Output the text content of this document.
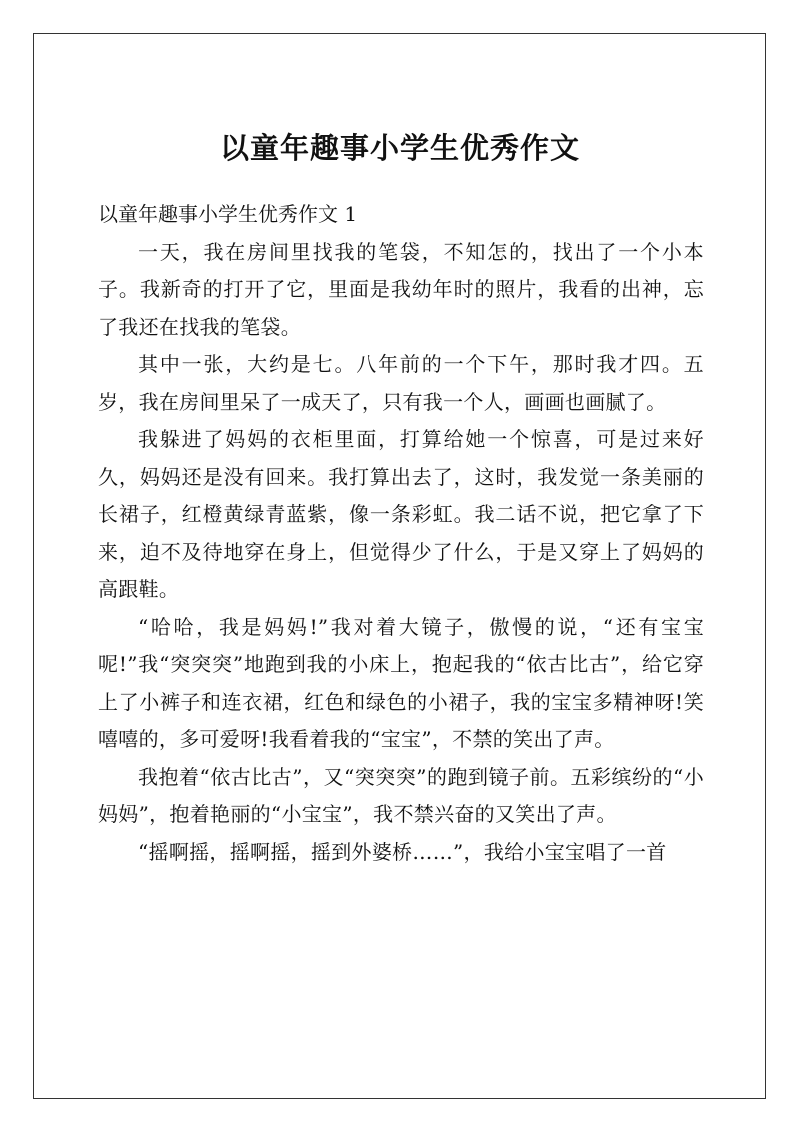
以童年趣事小学生优秀作文

以童年趣事小学生优秀作文 1

一天，我在房间里找我的笔袋，不知怎的，找出了一个小本子。我新奇的打开了它，里面是我幼年时的照片，我看的出神，忘了我还在找我的笔袋。

其中一张，大约是七。八年前的一个下午，那时我才四。五岁，我在房间里呆了一成天了，只有我一个人，画画也画腻了。

我躲进了妈妈的衣柜里面，打算给她一个惊喜，可是过来好久，妈妈还是没有回来。我打算出去了，这时，我发觉一条美丽的长裙子，红橙黄绿青蓝紫，像一条彩虹。我二话不说，把它拿了下来，迫不及待地穿在身上，但觉得少了什么，于是又穿上了妈妈的高跟鞋。

“哈哈，我是妈妈!”我对着大镜子，傲慢的说，“还有宝宝呢!”我“突突突”地跑到我的小床上，抱起我的“依古比古”，给它穿上了小裤子和连衣裙，红色和绿色的小裙子，我的宝宝多精神呀!笑嘻嘻的，多可爱呀!我看着我的“宝宝”，不禁的笑出了声。

我抱着“依古比古”，又“突突突”的跑到镜子前。五彩缤纷的“小妈妈”，抱着艳丽的“小宝宝”，我不禁兴奋的又笑出了声。

“摇啊摇，摇啊摇，摇到外婆桥……”，我给小宝宝唱了一首
